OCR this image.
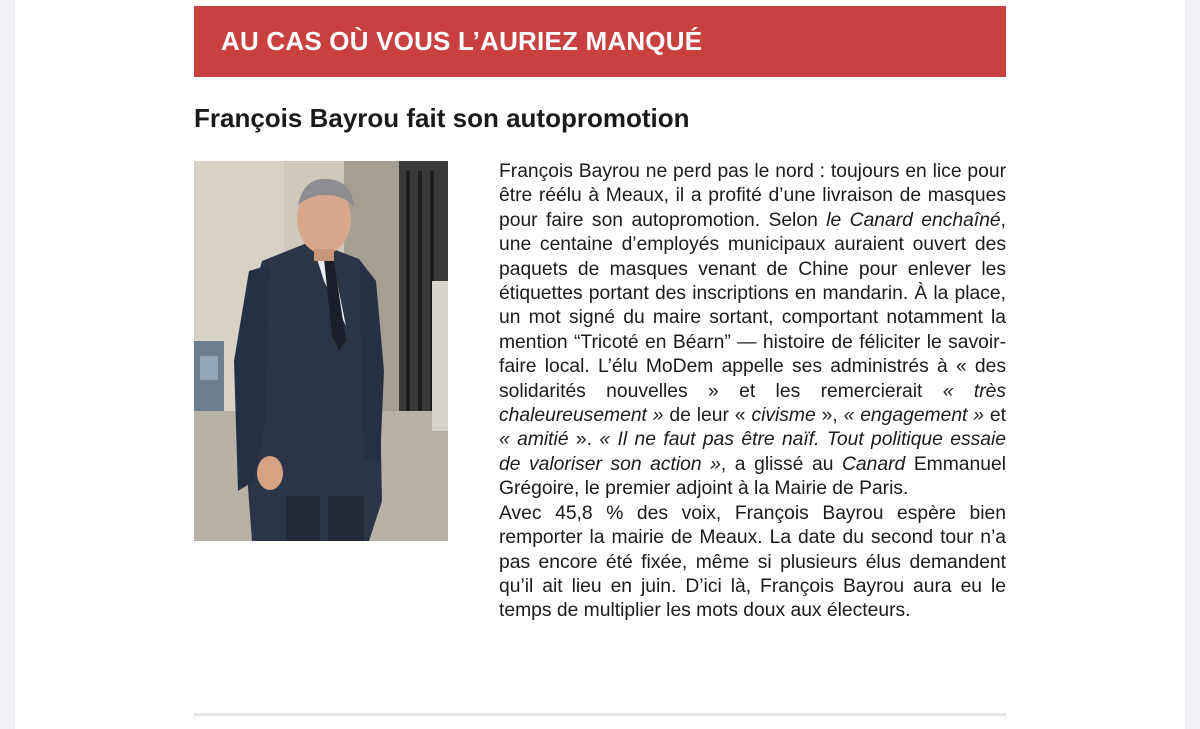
AU CAS OÙ VOUS L’AURIEZ MANQUÉ
François Bayrou fait son autopromotion

François Bayrou ne perd pas le nord : toujours en lice pour être réélu à Meaux, il a profité d’une livraison de masques pour faire son autopromotion. Selon le Canard enchaîné, une centaine d’employés municipaux auraient ouvert des paquets de masques venant de Chine pour enlever les étiquettes portant des inscriptions en mandarin. À la place, un mot signé du maire sortant, comportant notamment la mention “Tricoté en Béarn” — histoire de féliciter le savoir-faire local. L’élu MoDem appelle ses administrés à « des solidarités nouvelles » et les remercierait « très chaleureusement » de leur « civisme », « engagement » et « amitié ». « Il ne faut pas être naïf. Tout politique essaie de valoriser son action », a glissé au Canard Emmanuel Grégoire, le premier adjoint à la Mairie de Paris.

Avec 45,8 % des voix, François Bayrou espère bien remporter la mairie de Meaux. La date du second tour n’a pas encore été fixée, même si plusieurs élus demandent qu’il ait lieu en juin. D’ici là, François Bayrou aura eu le temps de multiplier les mots doux aux électeurs.
